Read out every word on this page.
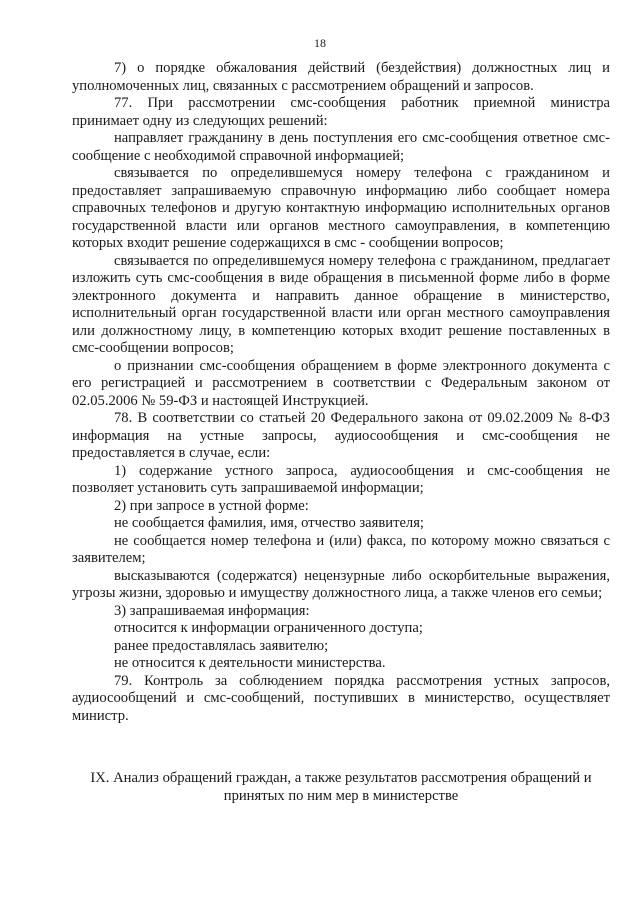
18

7) о порядке обжалования действий (бездействия) должностных лиц и уполномоченных лиц, связанных с рассмотрением обращений и запросов.

77. При рассмотрении смс-сообщения работник приемной министра принимает одну из следующих решений:

направляет гражданину в день поступления его смс-сообщения ответное смс-сообщение с необходимой справочной информацией;

связывается по определившемуся номеру телефона с гражданином и предоставляет запрашиваемую справочную информацию либо сообщает номера справочных телефонов и другую контактную информацию исполнительных органов государственной власти или органов местного самоуправления, в компетенцию которых входит решение содержащихся в смс - сообщении вопросов;

связывается по определившемуся номеру телефона с гражданином, предлагает изложить суть смс-сообщения в виде обращения в письменной форме либо в форме электронного документа и направить данное обращение в министерство, исполнительный орган государственной власти или орган местного самоуправления или должностному лицу, в компетенцию которых входит решение поставленных в смс-сообщении вопросов;

о признании смс-сообщения обращением в форме электронного документа с его регистрацией и рассмотрением в соответствии с Федеральным законом от 02.05.2006 № 59-ФЗ и настоящей Инструкцией.

78. В соответствии со статьей 20 Федерального закона от 09.02.2009 № 8-ФЗ информация на устные запросы, аудиосообщения и смс-сообщения не предоставляется в случае, если:

1) содержание устного запроса, аудиосообщения и смс-сообщения не позволяет установить суть запрашиваемой информации;

2) при запросе в устной форме:

не сообщается фамилия, имя, отчество заявителя;

не сообщается номер телефона и (или) факса, по которому можно связаться с заявителем;

высказываются (содержатся) нецензурные либо оскорбительные выражения, угрозы жизни, здоровью и имуществу должностного лица, а также членов его семьи;

3) запрашиваемая информация:

относится к информации ограниченного доступа;

ранее предоставлялась заявителю;

не относится к деятельности министерства.

79. Контроль за соблюдением порядка рассмотрения устных запросов, аудиосообщений и смс-сообщений, поступивших в министерство, осуществляет министр.

IX. Анализ обращений граждан, а также результатов рассмотрения обращений и
принятых по ним мер в министерстве
